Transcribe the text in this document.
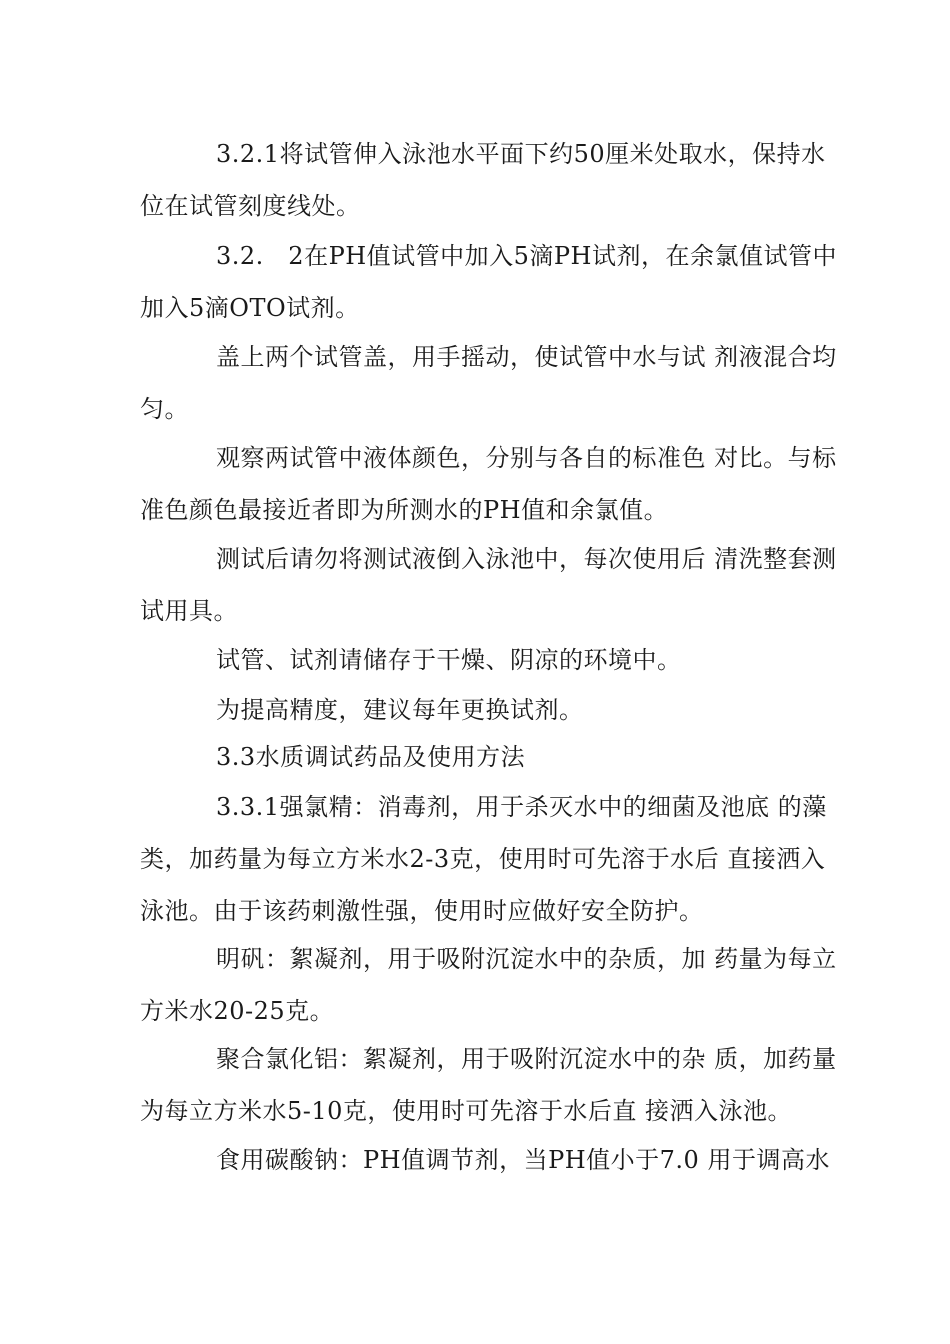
3.2.1将试管伸入泳池水平面下约50厘米处取水，保持水位在试管刻度线处。

3.2.　2在PH值试管中加入5滴PH试剂，在余氯值试管中加入5滴OTO试剂。

盖上两个试管盖，用手摇动，使试管中水与试 剂液混合均匀。

观察两试管中液体颜色，分别与各自的标准色 对比。与标准色颜色最接近者即为所测水的PH值和余氯值。

测试后请勿将测试液倒入泳池中，每次使用后 清洗整套测试用具。

试管、试剂请储存于干燥、阴凉的环境中。

为提高精度，建议每年更换试剂。

3.3水质调试药品及使用方法

3.3.1强氯精：消毒剂，用于杀灭水中的细菌及池底 的藻类，加药量为每立方米水2-3克，使用时可先溶于水后 直接洒入泳池。由于该药刺激性强，使用时应做好安全防护。

明矾：絮凝剂，用于吸附沉淀水中的杂质，加 药量为每立方米水20-25克。

聚合氯化铝：絮凝剂，用于吸附沉淀水中的杂 质，加药量为每立方米水5-10克，使用时可先溶于水后直 接洒入泳池。

食用碳酸钠：PH值调节剂，当PH值小于7.0 用于调高水
